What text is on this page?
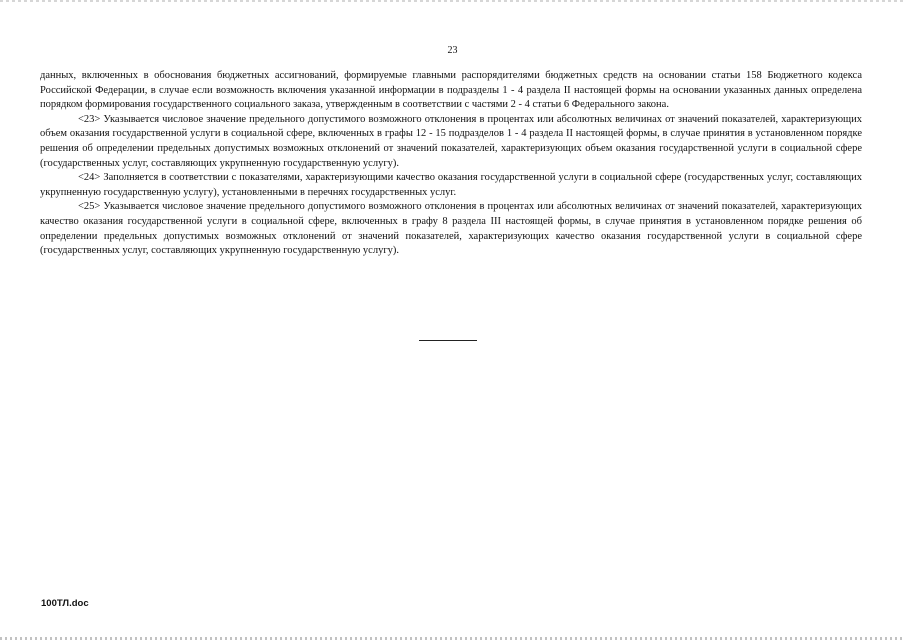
23

данных, включенных в обоснования бюджетных ассигнований, формируемые главными распорядителями бюджетных средств на основании статьи 158 Бюджетного кодекса Российской Федерации, в случае если возможность включения указанной информации в подразделы 1 - 4 раздела II настоящей формы на основании указанных данных определена порядком формирования государственного социального заказа, утвержденным в соответствии с частями 2 - 4 статьи 6 Федерального закона.

<23> Указывается числовое значение предельного допустимого возможного отклонения в процентах или абсолютных величинах от значений показателей, характеризующих объем оказания государственной услуги в социальной сфере, включенных в графы 12 - 15 подразделов 1 - 4 раздела II настоящей формы, в случае принятия в установленном порядке решения об определении предельных допустимых возможных отклонений от значений показателей, характеризующих объем оказания государственной услуги в социальной сфере (государственных услуг, составляющих укрупненную государственную услугу).

<24> Заполняется в соответствии с показателями, характеризующими качество оказания государственной услуги в социальной сфере (государственных услуг, составляющих укрупненную государственную услугу), установленными в перечнях государственных услуг.

<25> Указывается числовое значение предельного допустимого возможного отклонения в процентах или абсолютных величинах от значений показателей, характеризующих качество оказания государственной услуги в социальной сфере, включенных в графу 8 раздела III настоящей формы, в случае принятия в установленном порядке решения об определении предельных допустимых возможных отклонений от значений показателей, характеризующих качество оказания государственной услуги в социальной сфере (государственных услуг, составляющих укрупненную государственную услугу).

100ТЛ.doc
